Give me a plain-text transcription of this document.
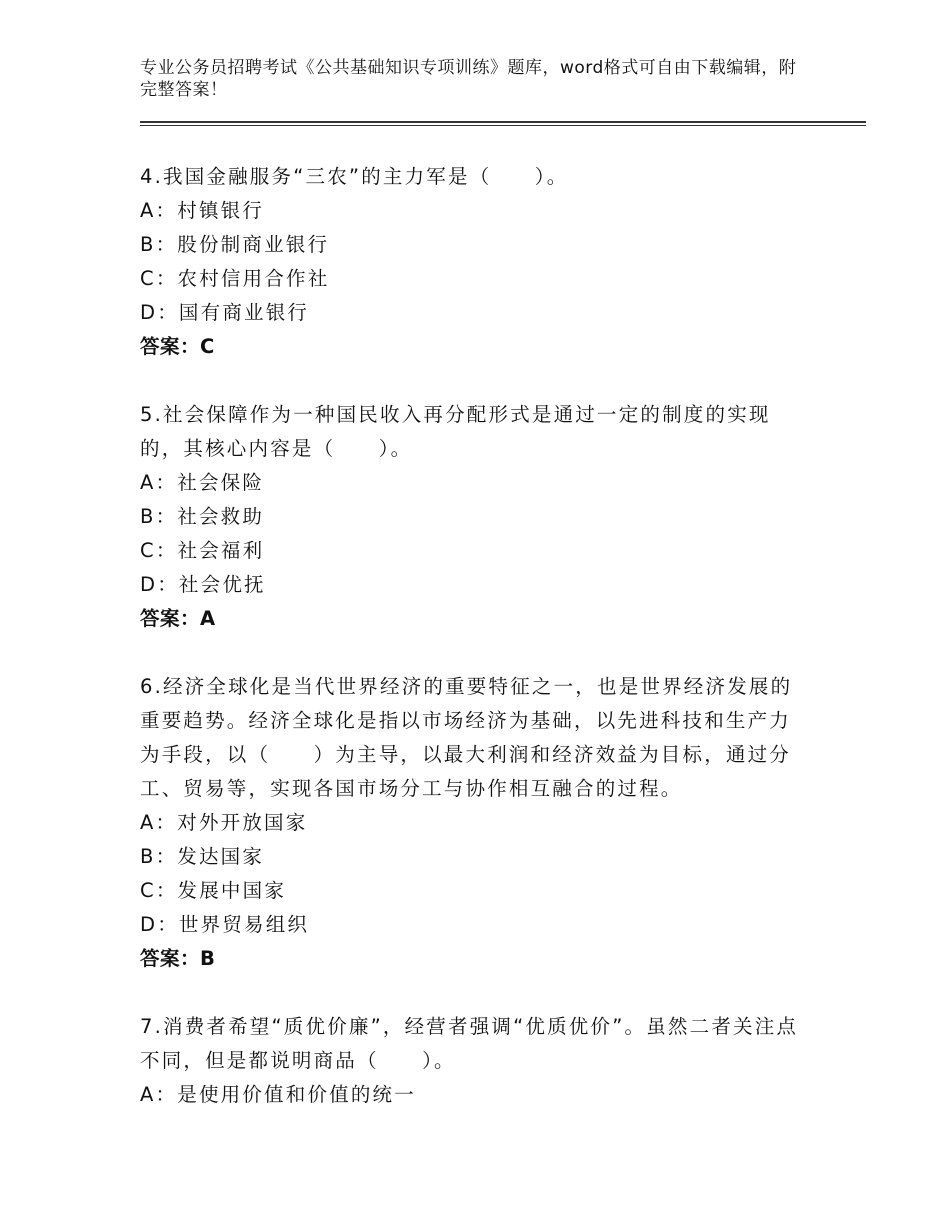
专业公务员招聘考试《公共基础知识专项训练》题库，word格式可自由下载编辑，附完整答案！
4.我国金融服务“三农”的主力军是（　　）。
A：村镇银行
B：股份制商业银行
C：农村信用合作社
D：国有商业银行
答案：C
5.社会保障作为一种国民收入再分配形式是通过一定的制度的实现的，其核心内容是（　　）。
A：社会保险
B：社会救助
C：社会福利
D：社会优抚
答案：A
6.经济全球化是当代世界经济的重要特征之一，也是世界经济发展的重要趋势。经济全球化是指以市场经济为基础，以先进科技和生产力为手段，以（　　）为主导，以最大利润和经济效益为目标，通过分工、贸易等，实现各国市场分工与协作相互融合的过程。
A：对外开放国家
B：发达国家
C：发展中国家
D：世界贸易组织
答案：B
7.消费者希望“质优价廉”，经营者强调“优质优价”。虽然二者关注点不同，但是都说明商品（　　）。
A：是使用价值和价值的统一
